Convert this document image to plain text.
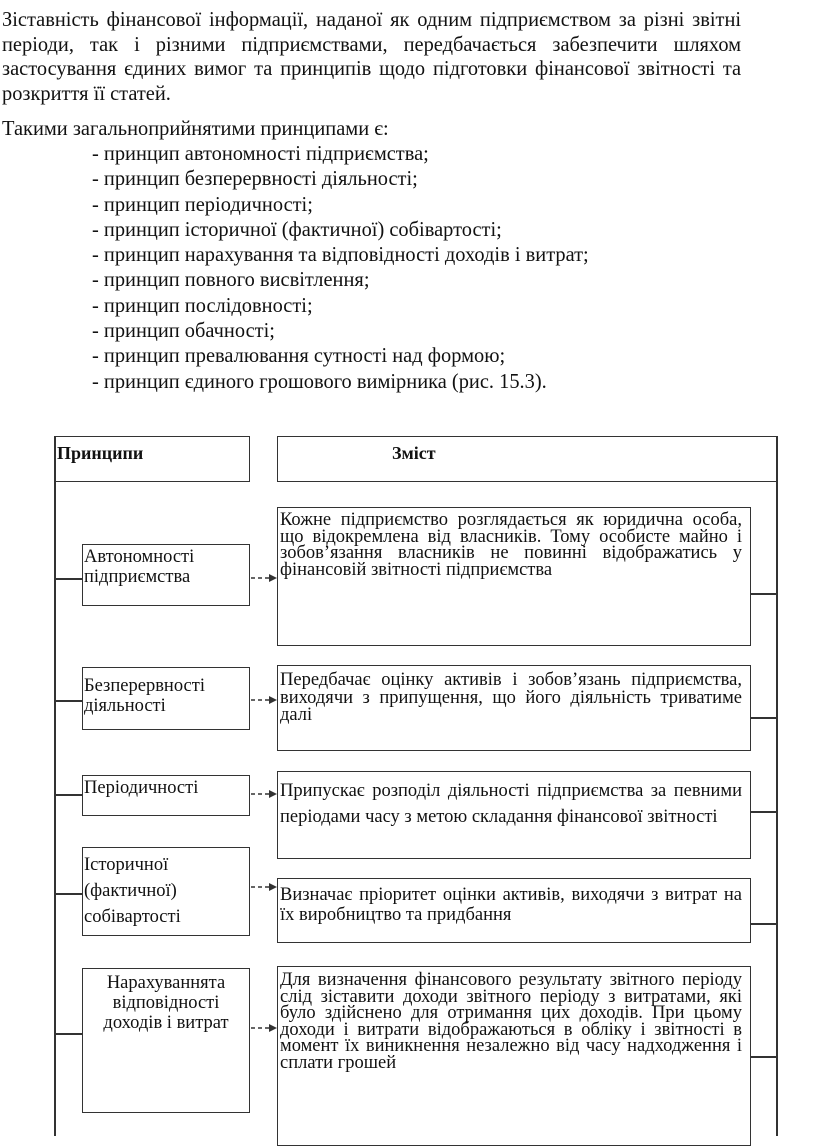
Зіставність фінансової інформації, наданої як одним підприємством за різні звітні періоди, так і різними підприємствами, передбачається забезпечити шляхом застосування єдиних вимог та принципів щодо підготовки фінансової звітності та розкриття її статей.

Такими загальноприйнятими принципами є:

- принцип автономності підприємства;
- принцип безперервності діяльності;
- принцип періодичності;
- принцип історичної (фактичної) собівартості;
- принцип нарахування та відповідності доходів і витрат;
- принцип повного висвітлення;
- принцип послідовності;
- принцип обачності;
- принцип превалювання сутності над формою;
- принцип єдиного грошового вимірника (рис. 15.3).
Принципи	Зміст
Автономності підприємства
Кожне підприємство розглядається як юридична особа, що відокремлена від власників. Тому особисте майно і зобов’язання власників не повинні відображатись у фінансовій звітності підприємства
Безперервності діяльності
Передбачає оцінку активів і зобов’язань підприємства, виходячи з припущення, що його діяльність триватиме далі
Періодичності	Припускає розподіл діяльності підприємства за певними періодами часу з метою складання фінансової звітності
Історичної (фактичної) собівартості
Визначає пріоритет оцінки активів, виходячи з витрат на їх виробництво та придбання
Нарахуваннята відповідності доходів і витрат
Для визначення фінансового результату звітного періоду слід зіставити доходи звітного періоду з витратами, які було здійснено для отримання цих доходів. При цьому доходи і витрати відображаються в обліку і звітності в момент їх виникнення незалежно від часу надходження і сплати грошей
